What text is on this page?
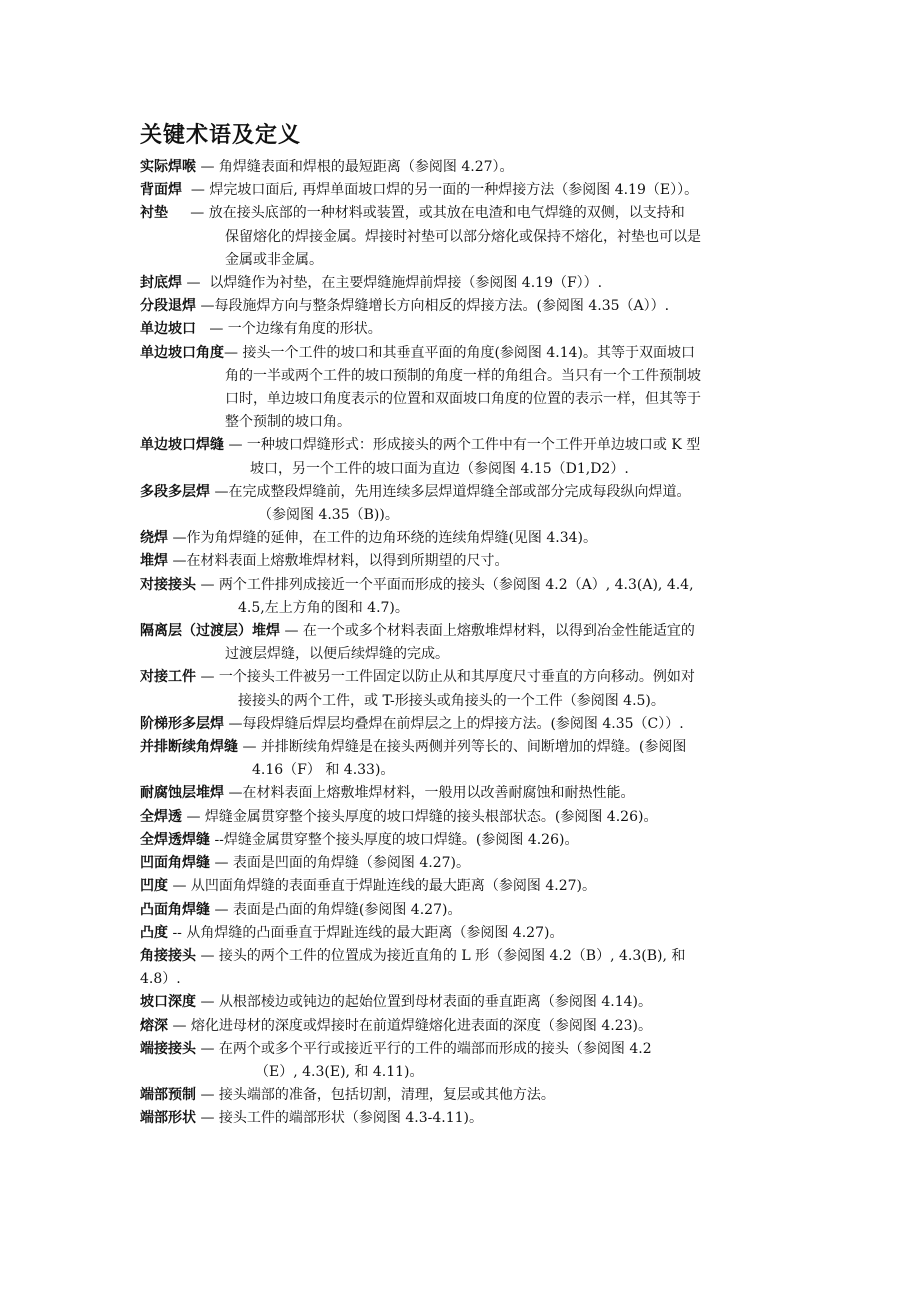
关键术语及定义
实际焊喉 — 角焊缝表面和焊根的最短距离（参阅图 4.27）。
背面焊  — 焊完坡口面后, 再焊单面坡口焊的另一面的一种焊接方法（参阅图 4.19（E））。
衬垫     — 放在接头底部的一种材料或装置，或其放在电渣和电气焊缝的双侧，以支持和
保留熔化的焊接金属。焊接时衬垫可以部分熔化或保持不熔化，衬垫也可以是
金属或非金属。
封底焊 —  以焊缝作为衬垫，在主要焊缝施焊前焊接（参阅图 4.19（F））.
分段退焊 —每段施焊方向与整条焊缝增长方向相反的焊接方法。(参阅图 4.35（A））.
单边坡口   — 一个边缘有角度的形状。
单边坡口角度— 接头一个工件的坡口和其垂直平面的角度(参阅图 4.14)。其等于双面坡口
角的一半或两个工件的坡口预制的角度一样的角组合。当只有一个工件预制坡
口时，单边坡口角度表示的位置和双面坡口角度的位置的表示一样，但其等于
整个预制的坡口角。
单边坡口焊缝 — 一种坡口焊缝形式：形成接头的两个工件中有一个工件开单边坡口或 K 型
坡口，另一个工件的坡口面为直边（参阅图 4.15（D1,D2）.
多段多层焊 —在完成整段焊缝前，先用连续多层焊道焊缝全部或部分完成每段纵向焊道。
（参阅图 4.35（B))。
绕焊 —作为角焊缝的延伸，在工件的边角环绕的连续角焊缝(见图 4.34)。
堆焊 —在材料表面上熔敷堆焊材料，以得到所期望的尺寸。
对接接头 — 两个工件排列成接近一个平面而形成的接头（参阅图 4.2（A）, 4.3(A), 4.4,
4.5,左上方角的图和 4.7)。
隔离层（过渡层）堆焊 — 在一个或多个材料表面上熔敷堆焊材料，以得到冶金性能适宜的
过渡层焊缝，以便后续焊缝的完成。
对接工件 — 一个接头工件被另一工件固定以防止从和其厚度尺寸垂直的方向移动。例如对
接接头的两个工件，或 T-形接头或角接头的一个工件（参阅图 4.5)。
阶梯形多层焊 —每段焊缝后焊层均叠焊在前焊层之上的焊接方法。(参阅图 4.35（C））.
并排断续角焊缝 — 并排断续角焊缝是在接头两侧并列等长的、间断增加的焊缝。(参阅图
4.16（F） 和 4.33)。
耐腐蚀层堆焊 —在材料表面上熔敷堆焊材料，一般用以改善耐腐蚀和耐热性能。
全焊透 — 焊缝金属贯穿整个接头厚度的坡口焊缝的接头根部状态。(参阅图 4.26)。
全焊透焊缝 --焊缝金属贯穿整个接头厚度的坡口焊缝。(参阅图 4.26)。
凹面角焊缝 — 表面是凹面的角焊缝（参阅图 4.27)。
凹度 — 从凹面角焊缝的表面垂直于焊趾连线的最大距离（参阅图 4.27)。
凸面角焊缝 — 表面是凸面的角焊缝(参阅图 4.27)。
凸度 -- 从角焊缝的凸面垂直于焊趾连线的最大距离（参阅图 4.27)。
角接接头 — 接头的两个工件的位置成为接近直角的 L 形（参阅图 4.2（B）, 4.3(B), 和
4.8）.
坡口深度 — 从根部棱边或钝边的起始位置到母材表面的垂直距离（参阅图 4.14)。
熔深 — 熔化进母材的深度或焊接时在前道焊缝熔化进表面的深度（参阅图 4.23)。
端接接头 — 在两个或多个平行或接近平行的工件的端部而形成的接头（参阅图 4.2
（E）, 4.3(E), 和 4.11)。
端部预制 — 接头端部的准备，包括切割，清理，复层或其他方法。
端部形状 — 接头工件的端部形状（参阅图 4.3-4.11)。
